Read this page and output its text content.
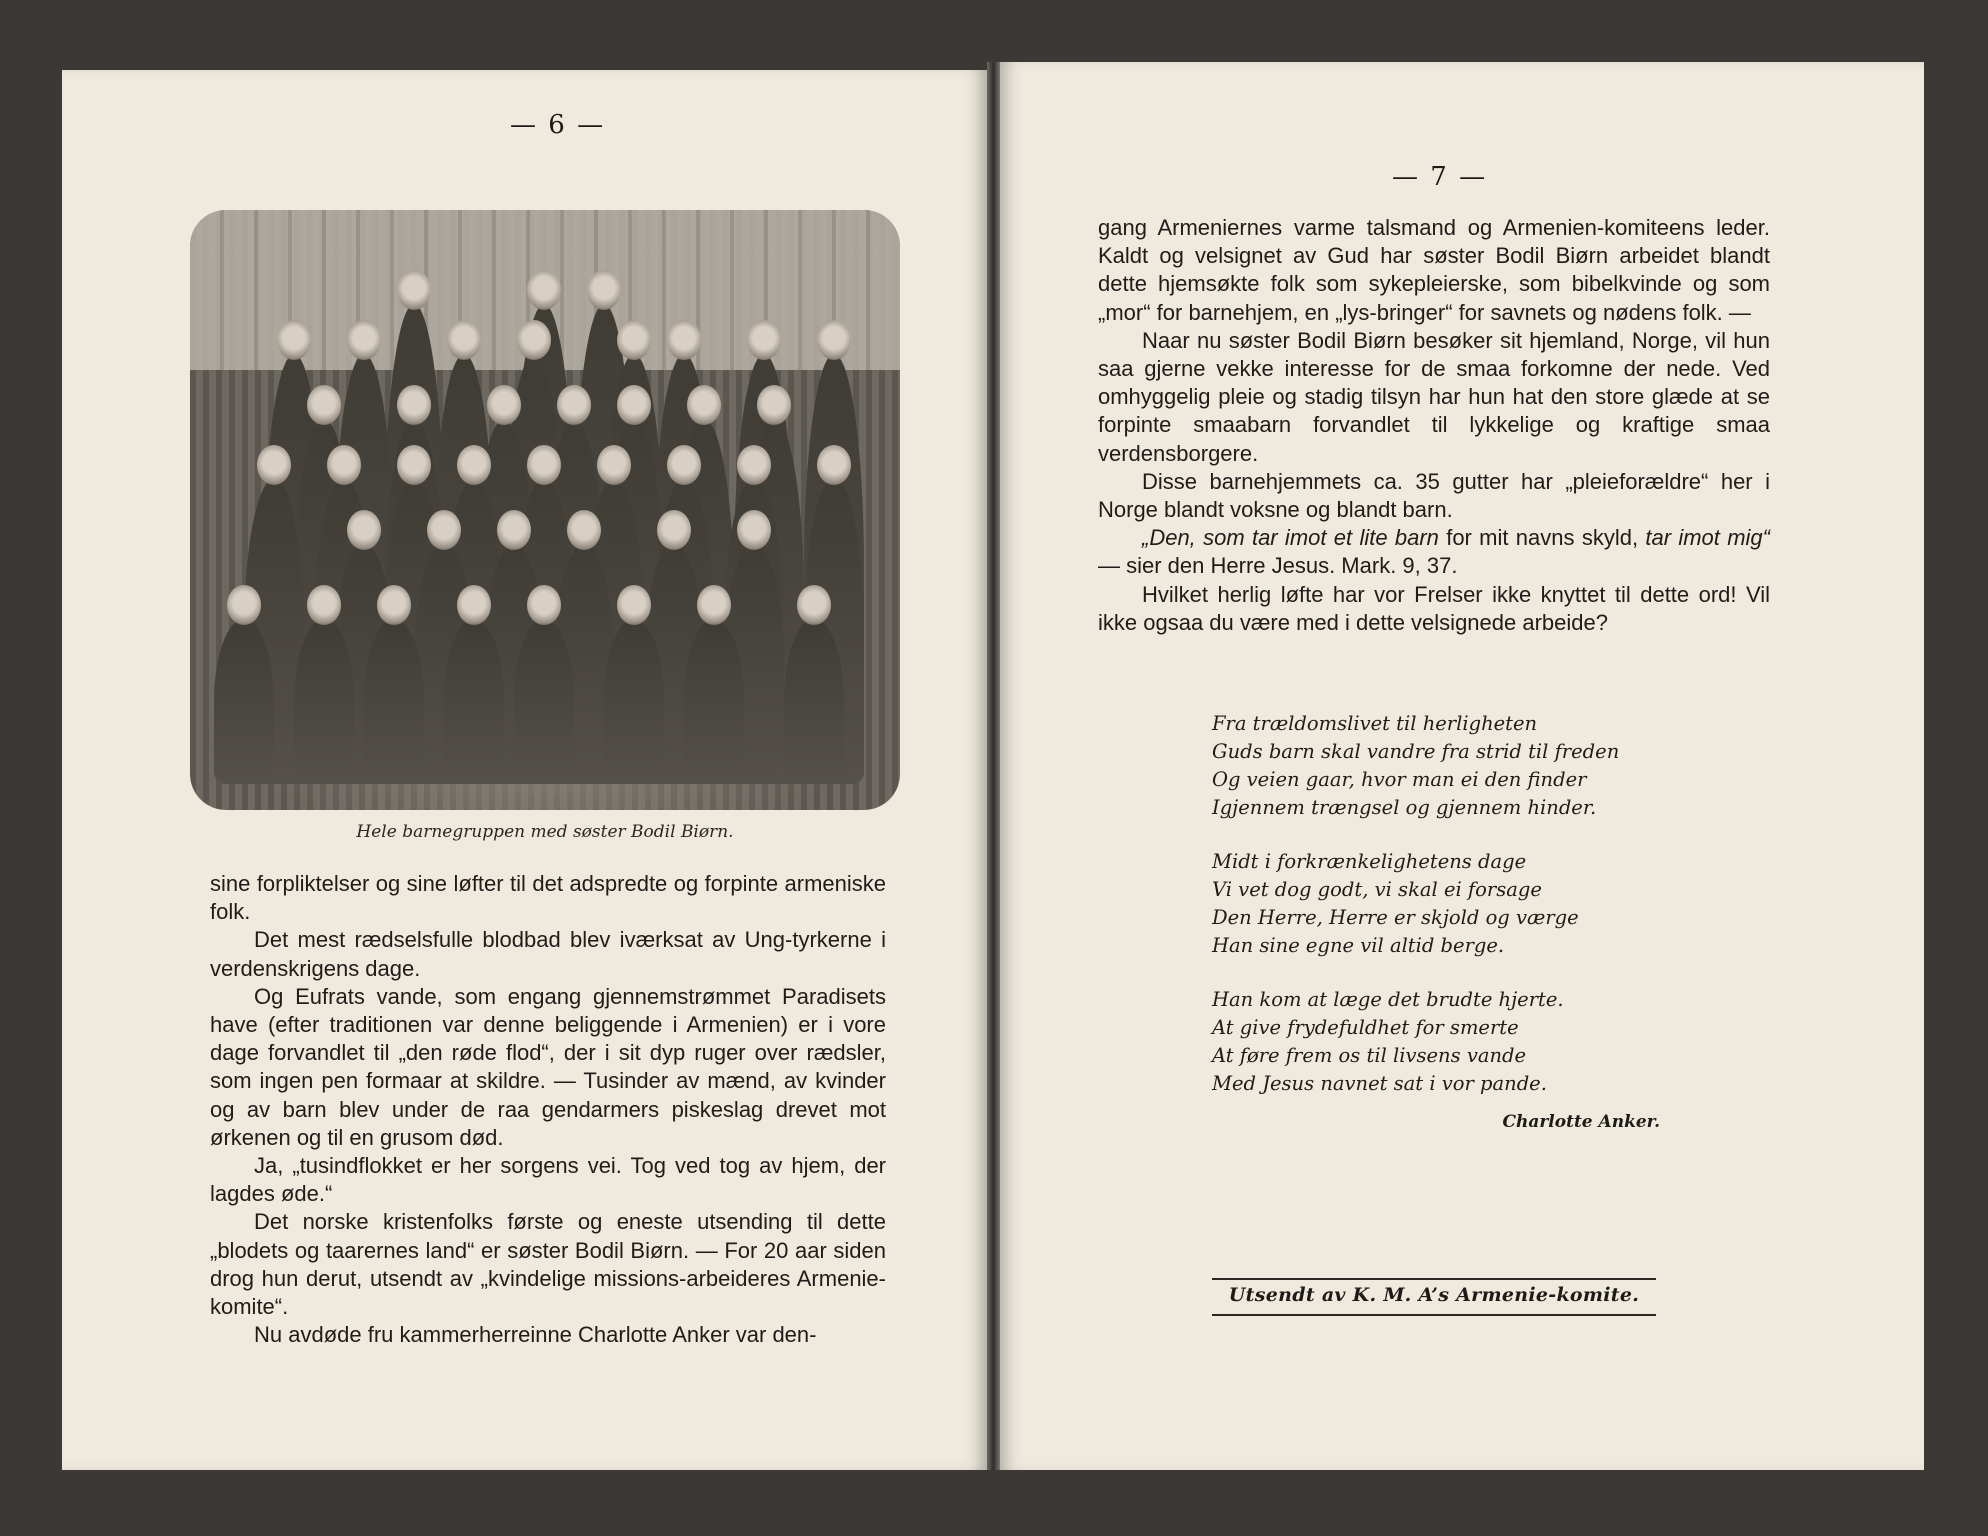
— 6 —
Hele barnegruppen med søster Bodil Biørn.

sine forpliktelser og sine løfter til det adspredte og forpinte armeniske folk.

Det mest rædselsfulle blodbad blev iværksat av Ung-tyrkerne i verdenskrigens dage.

Og Eufrats vande, som engang gjennemstrømmet Paradisets have (efter traditionen var denne beliggende i Armenien) er i vore dage forvandlet til „den røde flod“, der i sit dyp ruger over rædsler, som ingen pen formaar at skildre. — Tusinder av mænd, av kvinder og av barn blev under de raa gendarmers piskeslag drevet mot ørkenen og til en grusom død.

Ja, „tusindflokket er her sorgens vei. Tog ved tog av hjem, der lagdes øde.“

Det norske kristenfolks første og eneste utsending til dette „blodets og taarernes land“ er søster Bodil Biørn. — For 20 aar siden drog hun derut, utsendt av „kvindelige missions-arbeideres Armenie-komite“.

Nu avdøde fru kammerherreinne Charlotte Anker var den-

— 7 —

gang Armeniernes varme talsmand og Armenien-komiteens leder. Kaldt og velsignet av Gud har søster Bodil Biørn arbeidet blandt dette hjemsøkte folk som sykepleierske, som bibelkvinde og som „mor“ for barnehjem, en „lys-bringer“ for savnets og nødens folk. —

Naar nu søster Bodil Biørn besøker sit hjemland, Norge, vil hun saa gjerne vekke interesse for de smaa forkomne der nede. Ved omhyggelig pleie og stadig tilsyn har hun hat den store glæde at se forpinte smaabarn forvandlet til lykkelige og kraftige smaa verdensborgere.

Disse barnehjemmets ca. 35 gutter har „pleieforældre“ her i Norge blandt voksne og blandt barn.

„Den, som tar imot et lite barn for mit navns skyld, tar imot mig“ — sier den Herre Jesus. Mark. 9, 37.

Hvilket herlig løfte har vor Frelser ikke knyttet til dette ord! Vil ikke ogsaa du være med i dette velsignede arbeide?

Fra trældomslivet til herligheten
Guds barn skal vandre fra strid til freden
Og veien gaar, hvor man ei den finder
Igjennem trængsel og gjennem hinder.
Midt i forkrænkelighetens dage
Vi vet dog godt, vi skal ei forsage
Den Herre, Herre er skjold og værge
Han sine egne vil altid berge.
Han kom at læge det brudte hjerte.
At give frydefuldhet for smerte
At føre frem os til livsens vande
Med Jesus navnet sat i vor pande.
Charlotte Anker.
Utsendt av K. M. A’s Armenie-komite.
